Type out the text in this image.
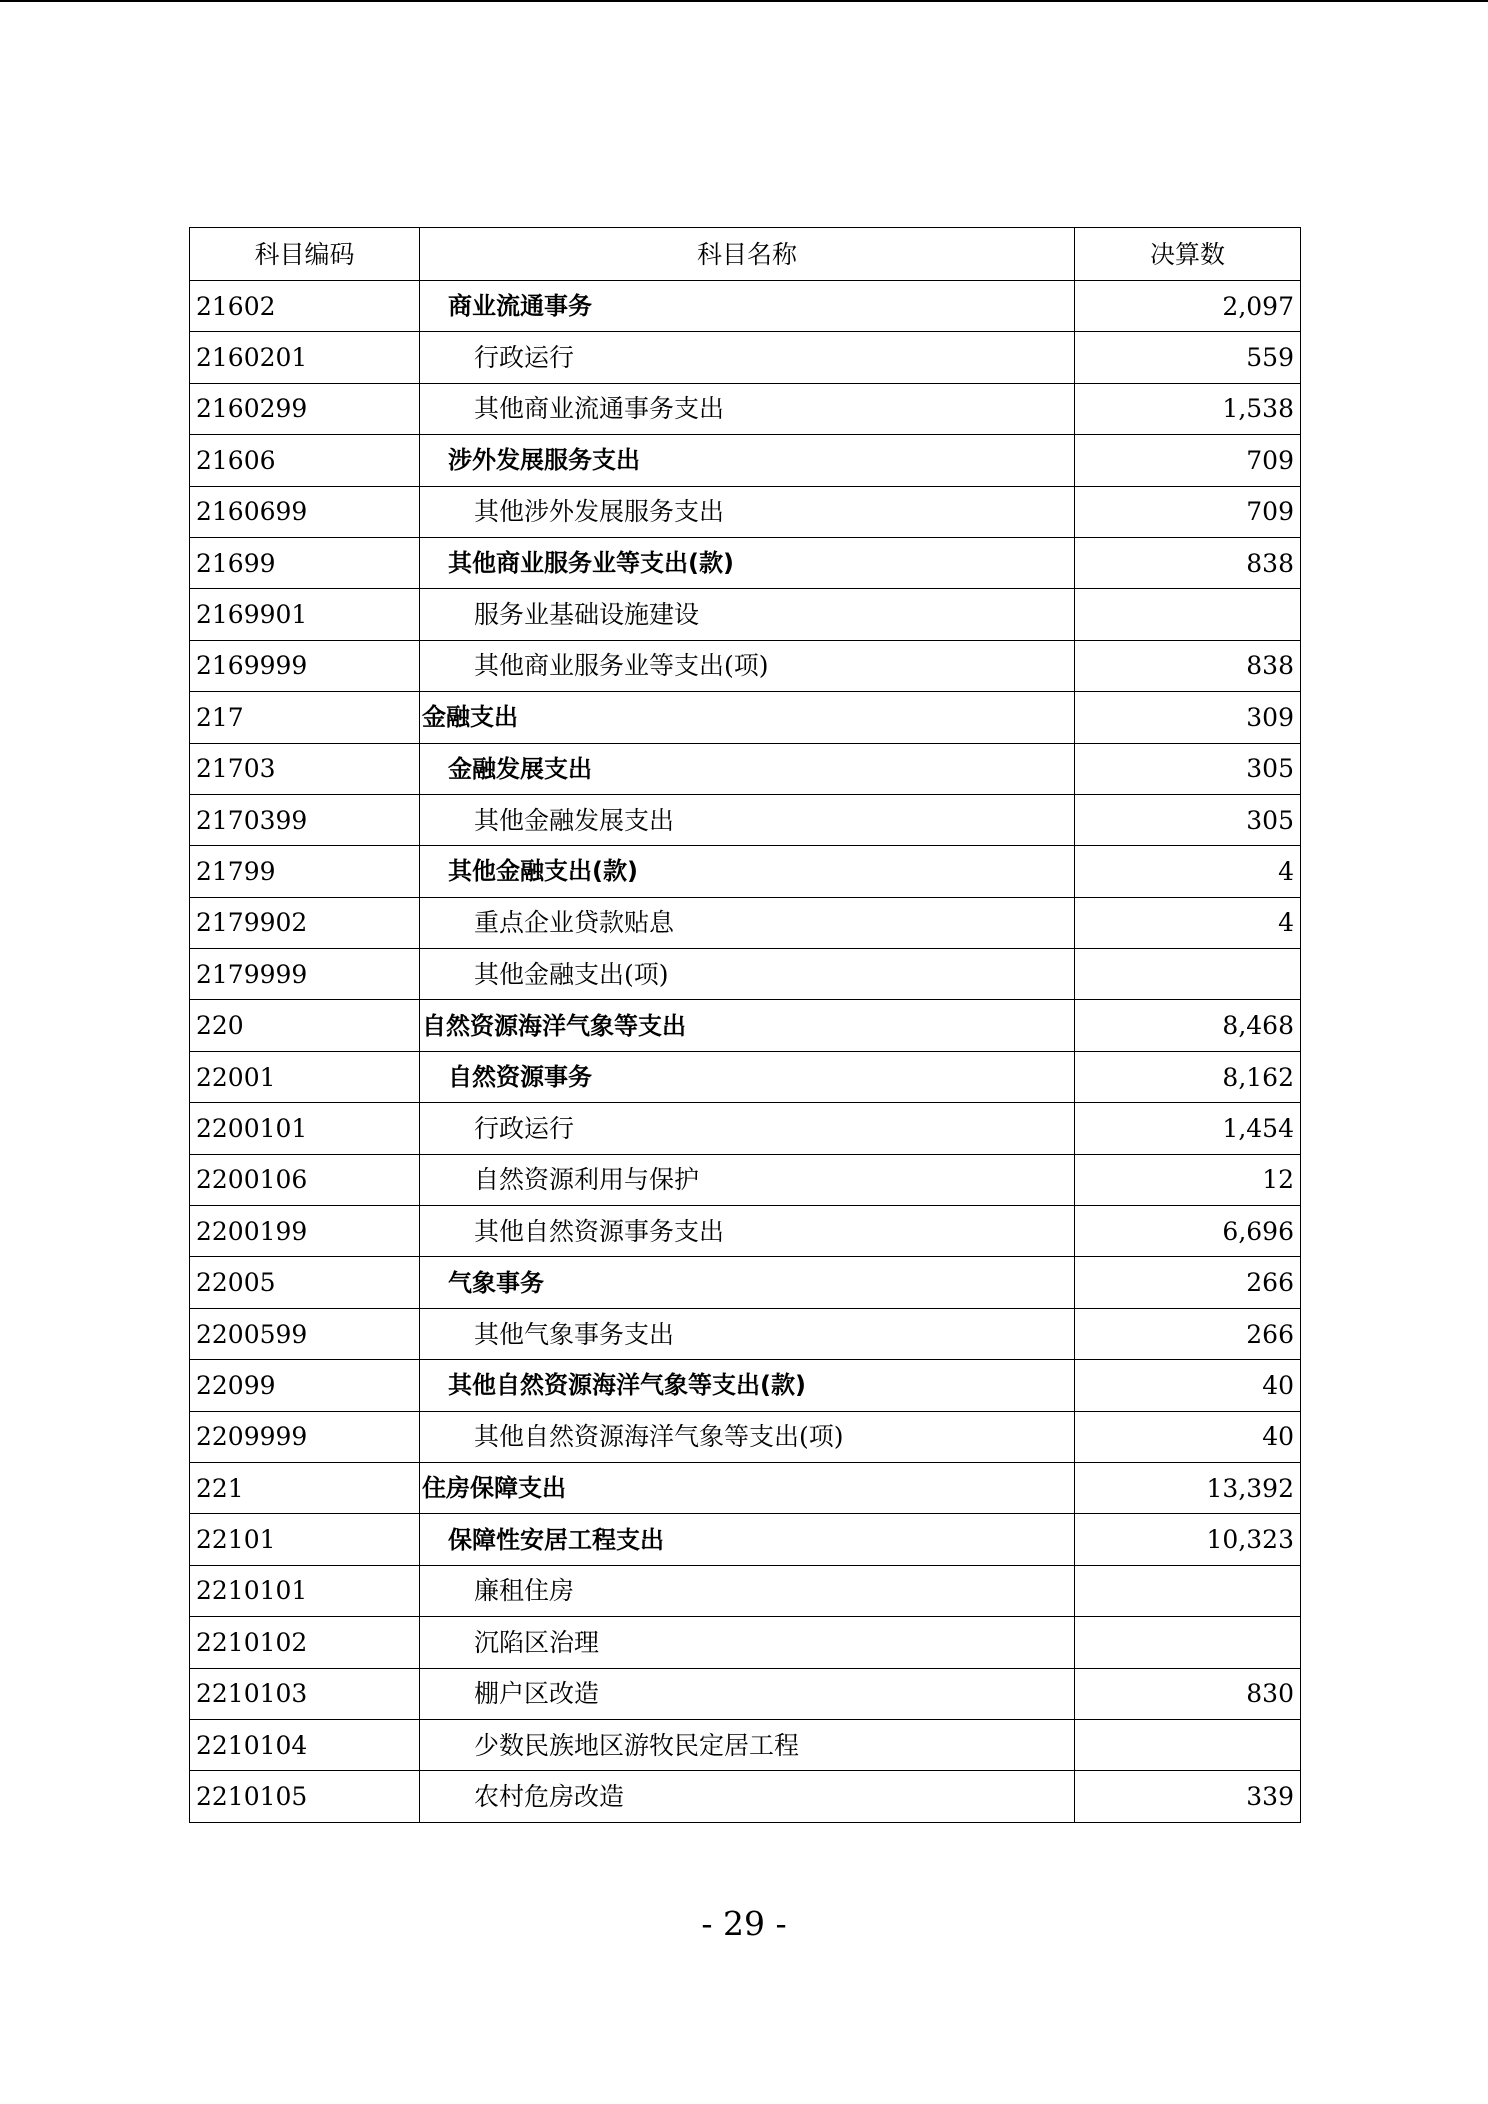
科目编码	科目名称	决算数
21602	商业流通事务	2,097
2160201	行政运行	559
2160299	其他商业流通事务支出	1,538
21606	涉外发展服务支出	709
2160699	其他涉外发展服务支出	709
21699	其他商业服务业等支出(款)	838
2169901	服务业基础设施建设	
2169999	其他商业服务业等支出(项)	838
217	金融支出	309
21703	金融发展支出	305
2170399	其他金融发展支出	305
21799	其他金融支出(款)	4
2179902	重点企业贷款贴息	4
2179999	其他金融支出(项)	
220	自然资源海洋气象等支出	8,468
22001	自然资源事务	8,162
2200101	行政运行	1,454
2200106	自然资源利用与保护	12
2200199	其他自然资源事务支出	6,696
22005	气象事务	266
2200599	其他气象事务支出	266
22099	其他自然资源海洋气象等支出(款)	40
2209999	其他自然资源海洋气象等支出(项)	40
221	住房保障支出	13,392
22101	保障性安居工程支出	10,323
2210101	廉租住房	
2210102	沉陷区治理	
2210103	棚户区改造	830
2210104	少数民族地区游牧民定居工程	
2210105	农村危房改造	339
- 29 -
